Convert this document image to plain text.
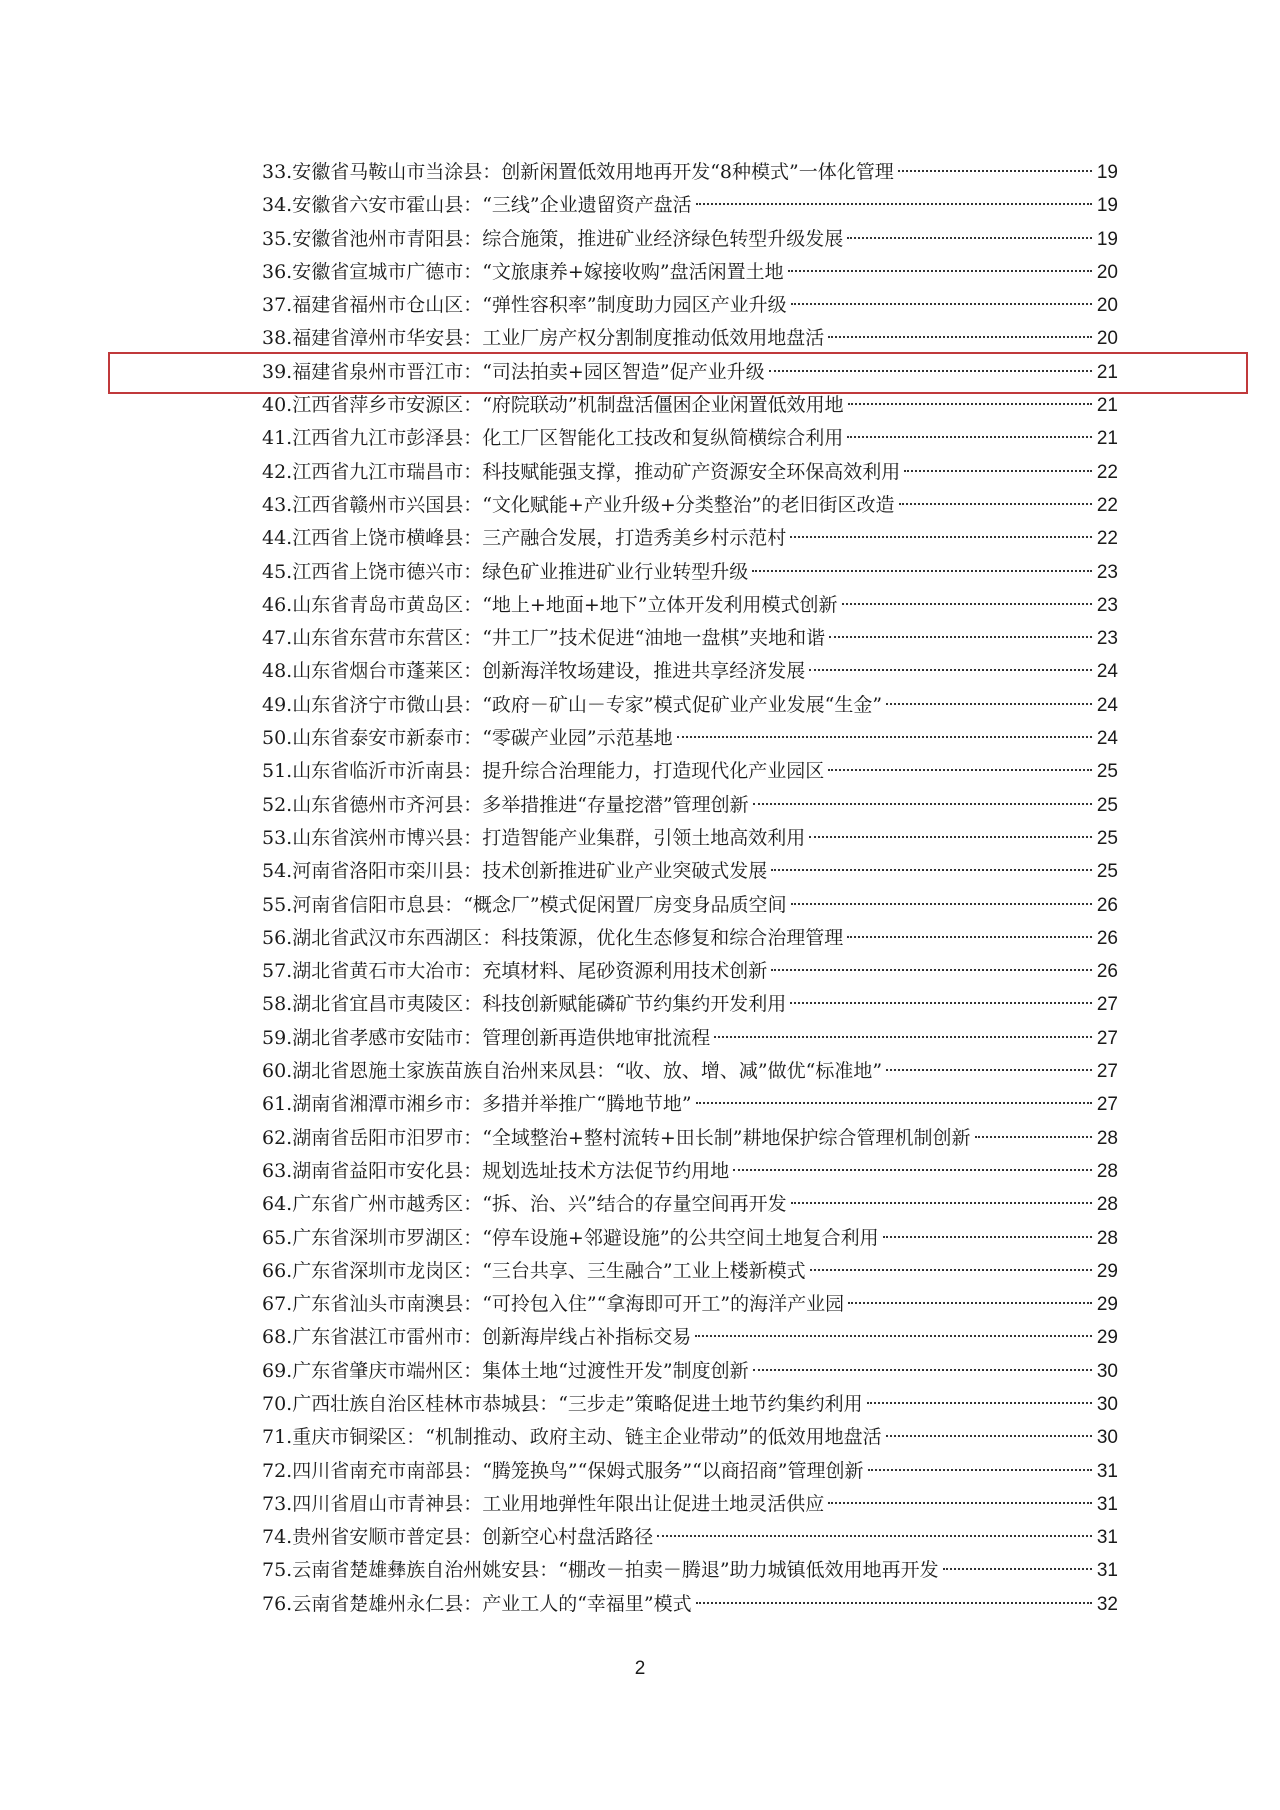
33.安徽省马鞍山市当涂县：创新闲置低效用地再开发“8种模式”一体化管理	19
34.安徽省六安市霍山县：“三线”企业遗留资产盘活	19
35.安徽省池州市青阳县：综合施策，推进矿业经济绿色转型升级发展	19
36.安徽省宣城市广德市：“文旅康养+嫁接收购”盘活闲置土地	20
37.福建省福州市仓山区：“弹性容积率”制度助力园区产业升级	20
38.福建省漳州市华安县：工业厂房产权分割制度推动低效用地盘活	20
39.福建省泉州市晋江市：“司法拍卖+园区智造”促产业升级	21
40.江西省萍乡市安源区：“府院联动”机制盘活僵困企业闲置低效用地	21
41.江西省九江市彭泽县：化工厂区智能化工技改和复纵简横综合利用	21
42.江西省九江市瑞昌市：科技赋能强支撑，推动矿产资源安全环保高效利用	22
43.江西省赣州市兴国县：“文化赋能+产业升级+分类整治”的老旧街区改造	22
44.江西省上饶市横峰县：三产融合发展，打造秀美乡村示范村	22
45.江西省上饶市德兴市：绿色矿业推进矿业行业转型升级	23
46.山东省青岛市黄岛区：“地上+地面+地下”立体开发利用模式创新	23
47.山东省东营市东营区：“井工厂”技术促进“油地一盘棋”夹地和谐	23
48.山东省烟台市蓬莱区：创新海洋牧场建设，推进共享经济发展	24
49.山东省济宁市微山县：“政府－矿山－专家”模式促矿业产业发展“生金”	24
50.山东省泰安市新泰市：“零碳产业园”示范基地	24
51.山东省临沂市沂南县：提升综合治理能力，打造现代化产业园区	25
52.山东省德州市齐河县：多举措推进“存量挖潜”管理创新	25
53.山东省滨州市博兴县：打造智能产业集群，引领土地高效利用	25
54.河南省洛阳市栾川县：技术创新推进矿业产业突破式发展	25
55.河南省信阳市息县：“概念厂”模式促闲置厂房变身品质空间	26
56.湖北省武汉市东西湖区：科技策源，优化生态修复和综合治理管理	26
57.湖北省黄石市大冶市：充填材料、尾砂资源利用技术创新	26
58.湖北省宜昌市夷陵区：科技创新赋能磷矿节约集约开发利用	27
59.湖北省孝感市安陆市：管理创新再造供地审批流程	27
60.湖北省恩施土家族苗族自治州来凤县：“收、放、增、减”做优“标准地”	27
61.湖南省湘潭市湘乡市：多措并举推广“腾地节地”	27
62.湖南省岳阳市汨罗市：“全域整治+整村流转+田长制”耕地保护综合管理机制创新	28
63.湖南省益阳市安化县：规划选址技术方法促节约用地	28
64.广东省广州市越秀区：“拆、治、兴”结合的存量空间再开发	28
65.广东省深圳市罗湖区：“停车设施+邻避设施”的公共空间土地复合利用	28
66.广东省深圳市龙岗区：“三台共享、三生融合”工业上楼新模式	29
67.广东省汕头市南澳县：“可拎包入住”“拿海即可开工”的海洋产业园	29
68.广东省湛江市雷州市：创新海岸线占补指标交易	29
69.广东省肇庆市端州区：集体土地“过渡性开发”制度创新	30
70.广西壮族自治区桂林市恭城县：“三步走”策略促进土地节约集约利用	30
71.重庆市铜梁区：“机制推动、政府主动、链主企业带动”的低效用地盘活	30
72.四川省南充市南部县：“腾笼换鸟”“保姆式服务”“以商招商”管理创新	31
73.四川省眉山市青神县：工业用地弹性年限出让促进土地灵活供应	31
74.贵州省安顺市普定县：创新空心村盘活路径	31
75.云南省楚雄彝族自治州姚安县：“棚改－拍卖－腾退”助力城镇低效用地再开发	31
76.云南省楚雄州永仁县：产业工人的“幸福里”模式	32
2
